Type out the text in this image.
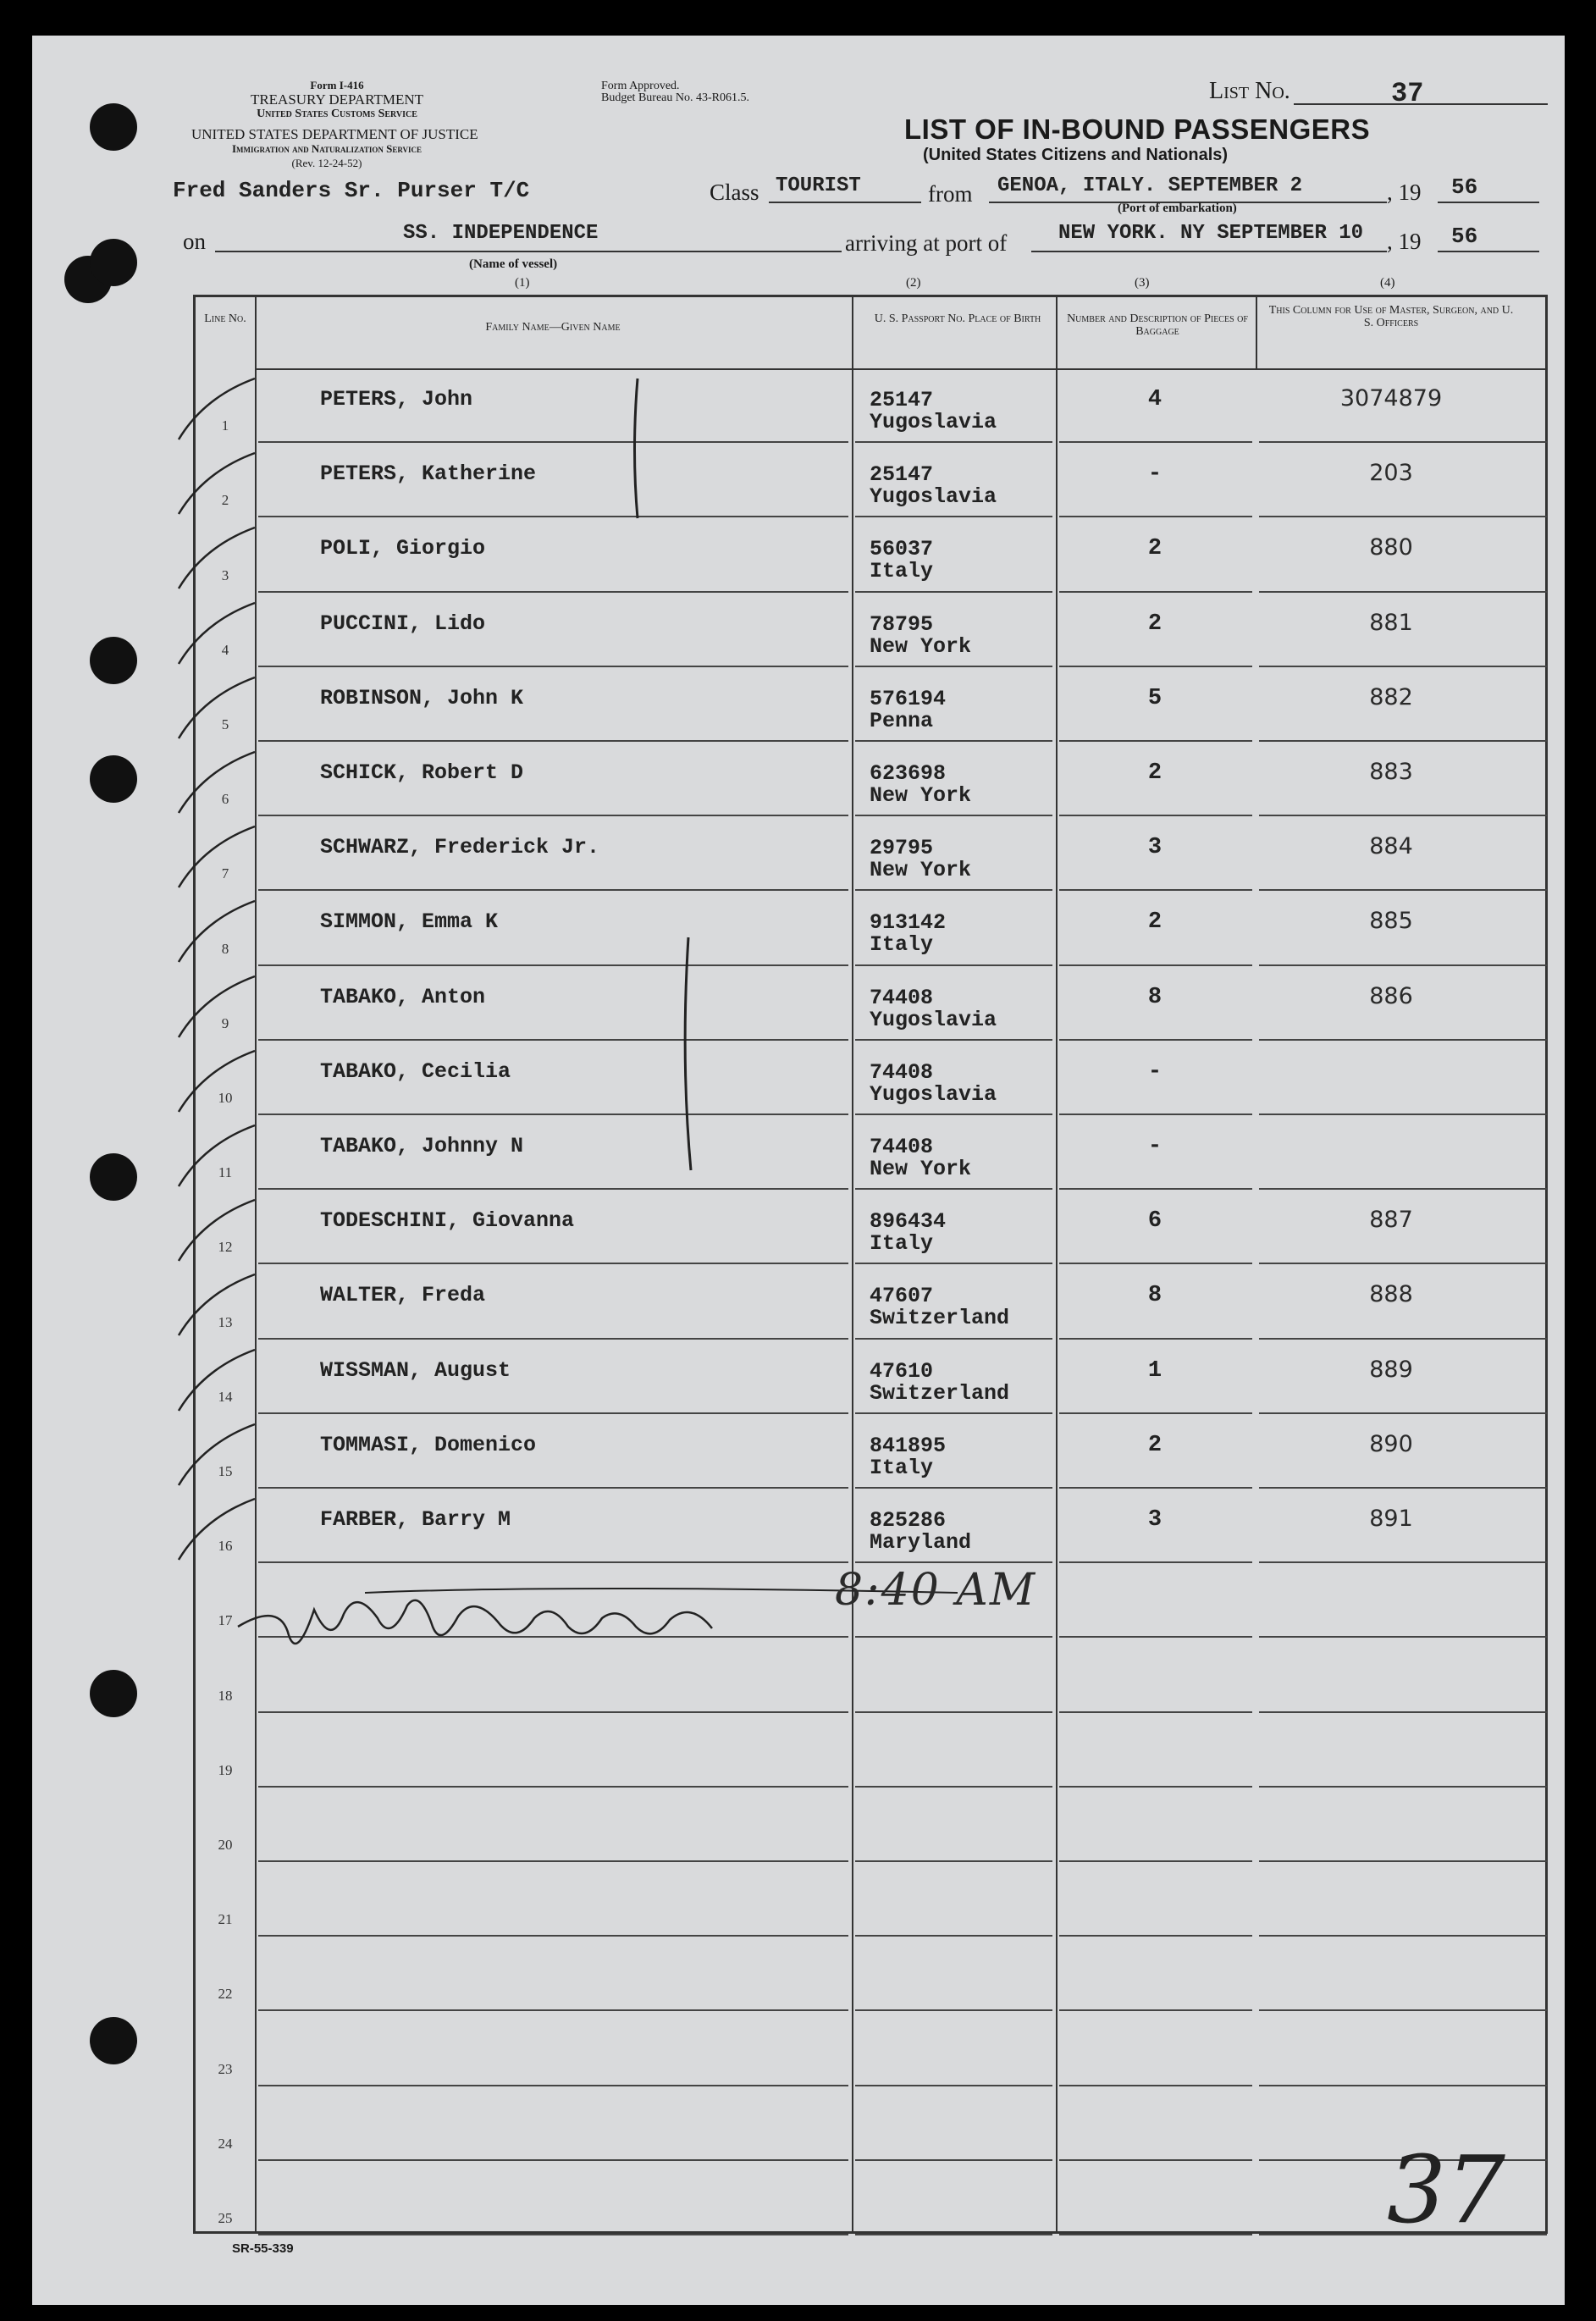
Form I-416
TREASURY DEPARTMENT
United States Customs Service
UNITED STATES DEPARTMENT OF JUSTICE
Immigration and Naturalization Service
(Rev. 12-24-52)
Form Approved.
Budget Bureau No. 43-R061.5.	List No.	37
LIST OF IN-BOUND PASSENGERS
(United States Citizens and Nationals)
Fred Sanders Sr. Purser T/C	Class TOURIST	from GENOA, ITALY. SEPTEMBER 2	, 19 56
(Port of embarkation)
on	SS. INDEPENDENCE
(Name of vessel)
arriving at port of	NEW YORK. NY SEPTEMBER 10 , 19 56
(1)	(2)	(3)	(4)
Line No.
Family Name—Given Name
U. S. Passport No. Place of Birth Number and Description of Pieces of Baggage
This Column for Use of Master, Surgeon, and U. S. Officers
1
PETERS, John	25147
Yugoslavia
4	3074879
2
PETERS, Katherine	25147
Yugoslavia
-	203
3
POLI, Giorgio	56037
Italy
2	880
4
PUCCINI, Lido	78795
New York
2	881
5
ROBINSON, John K	576194
Penna
5	882
6
SCHICK, Robert D	623698
New York
2	883
7
SCHWARZ, Frederick Jr.	29795
New York
3	884
8
SIMMON, Emma K	913142
Italy
2	885
9
TABAKO, Anton	74408
Yugoslavia
8	886
10
TABAKO, Cecilia	74408
Yugoslavia
-
11
TABAKO, Johnny N	74408
New York
-
12
TODESCHINI, Giovanna	896434
Italy
6	887
13
WALTER, Freda	47607
Switzerland
8	888
14
WISSMAN, August	47610
Switzerland
1	889
15
TOMMASI, Domenico	841895
Italy
2	890
16
FARBER, Barry M	825286
Maryland
3	891
17
18
19
20
21
22
23
24
25
8:40 AM
37
SR-55-339
